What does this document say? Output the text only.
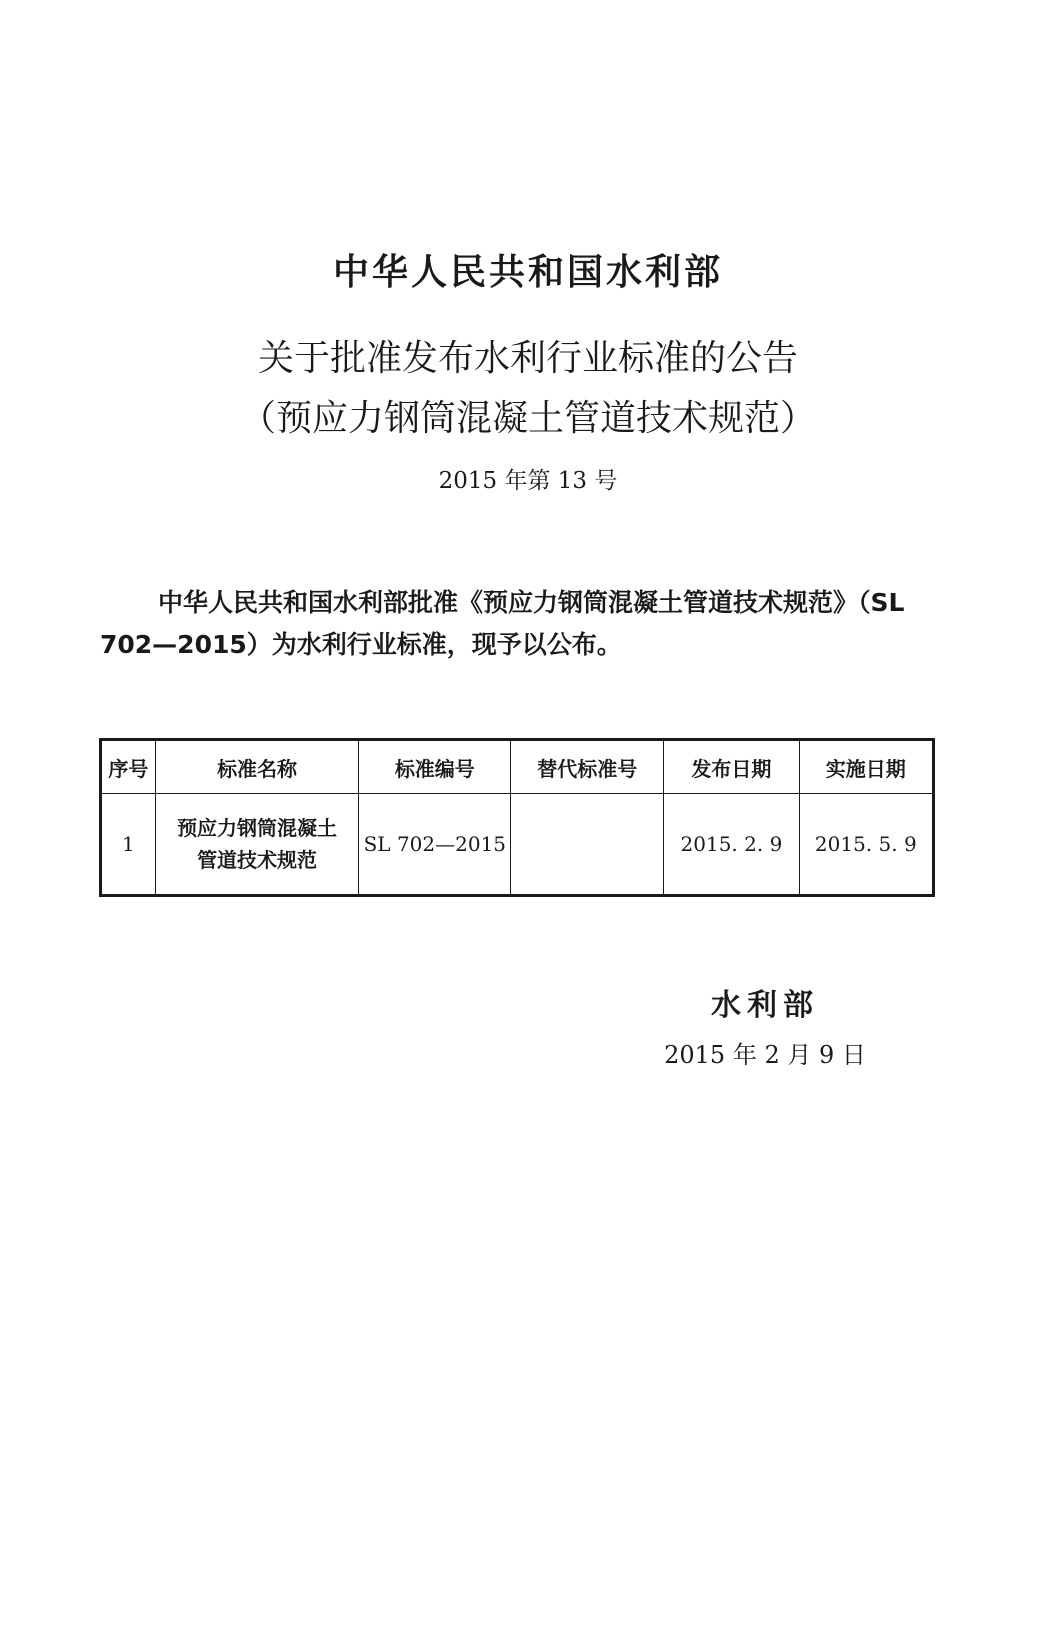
中华人民共和国水利部
关于批准发布水利行业标准的公告
（预应力钢筒混凝土管道技术规范）
2015 年第 13 号
中华人民共和国水利部批准《预应力钢筒混凝土管道技术规范》（SL 702—2015）为水利行业标准，现予以公布。
序号	标准名称	标准编号	替代标准号	发布日期	实施日期
1	预应力钢筒混凝土
管道技术规范	SL 702—2015		2015. 2. 9	2015. 5. 9
水利部
2015 年 2 月 9 日
